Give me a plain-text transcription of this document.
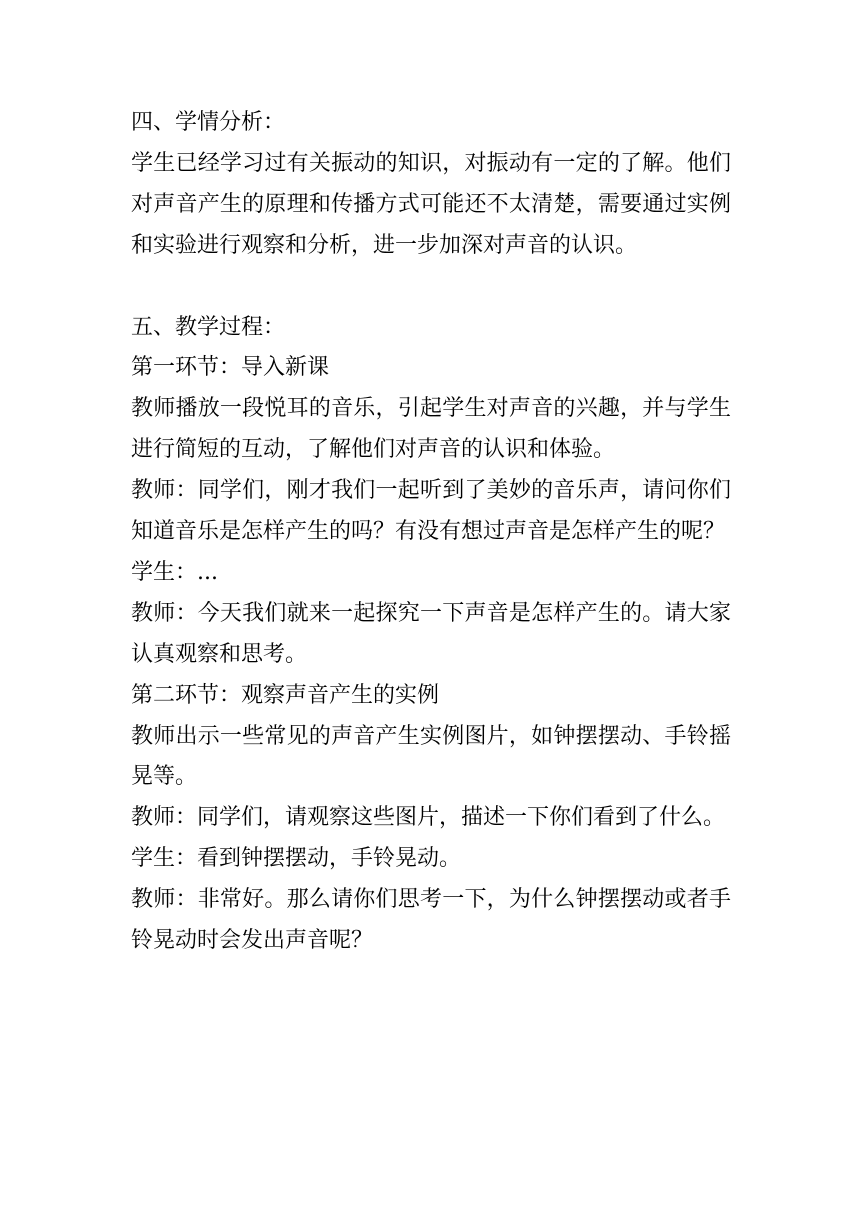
四、学情分析：

学生已经学习过有关振动的知识，对振动有一定的了解。他们对声音产生的原理和传播方式可能还不太清楚，需要通过实例和实验进行观察和分析，进一步加深对声音的认识。

五、教学过程：

第一环节：导入新课

教师播放一段悦耳的音乐，引起学生对声音的兴趣，并与学生进行简短的互动，了解他们对声音的认识和体验。

教师：同学们，刚才我们一起听到了美妙的音乐声，请问你们知道音乐是怎样产生的吗？有没有想过声音是怎样产生的呢？

学生：...

教师：今天我们就来一起探究一下声音是怎样产生的。请大家认真观察和思考。

第二环节：观察声音产生的实例

教师出示一些常见的声音产生实例图片，如钟摆摆动、手铃摇晃等。

教师：同学们，请观察这些图片，描述一下你们看到了什么。

学生：看到钟摆摆动，手铃晃动。

教师：非常好。那么请你们思考一下，为什么钟摆摆动或者手铃晃动时会发出声音呢？
